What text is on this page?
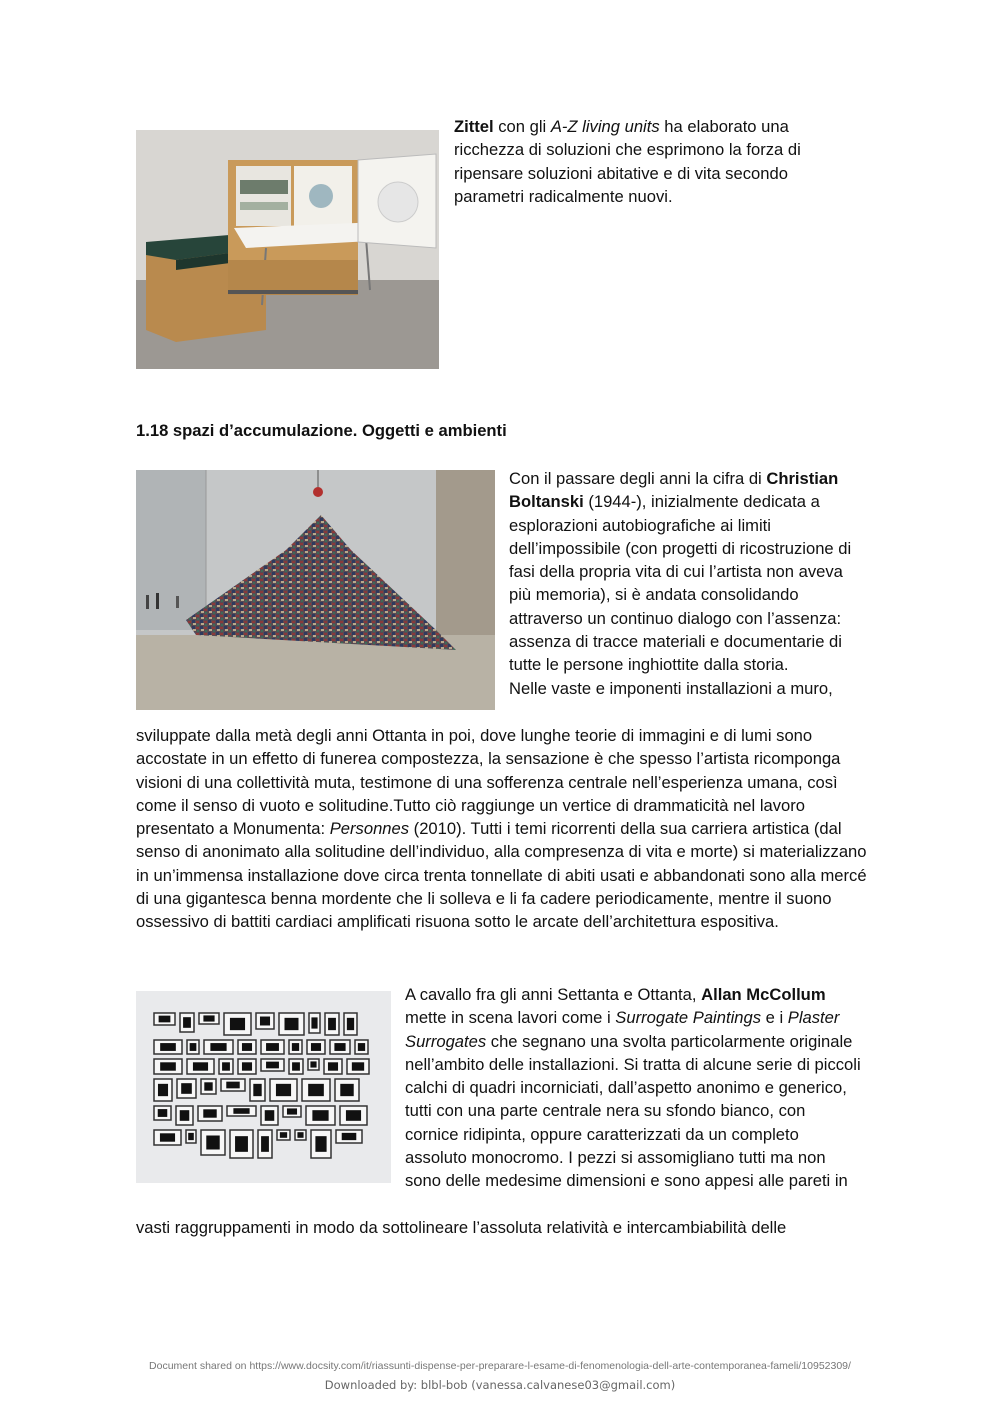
Zittel con gli A-Z living units ha elaborato una ricchezza di soluzioni che esprimono la forza di ripensare soluzioni abitative e di vita secondo parametri radicalmente nuovi.
1.18 spazi d’accumulazione. Oggetti e ambienti
Con il passare degli anni la cifra di Christian Boltanski (1944-), inizialmente dedicata a esplorazioni autobiografiche ai limiti dell’impossibile (con progetti di ricostruzione di fasi della propria vita di cui l’artista non aveva più memoria), si è andata consolidando attraverso un continuo dialogo con l’assenza: assenza di tracce materiali e documentarie di tutte le persone inghiottite dalla storia.

Nelle vaste e imponenti installazioni a muro,

sviluppate dalla metà degli anni Ottanta in poi, dove lunghe teorie di immagini e di lumi sono accostate in un effetto di funerea compostezza, la sensazione è che spesso l’artista ricomponga visioni di una collettività muta, testimone di una sofferenza centrale nell’esperienza umana, così come il senso di vuoto e solitudine.Tutto ciò raggiunge un vertice di drammaticità nel lavoro presentato a Monumenta: Personnes (2010). Tutti i temi ricorrenti della sua carriera artistica (dal senso di anonimato alla solitudine dell’individuo, alla compresenza di vita e morte) si materializzano in un’immensa installazione dove circa trenta tonnellate di abiti usati e abbandonati sono alla mercé di una gigantesca benna mordente che li solleva e li fa cadere periodicamente, mentre il suono ossessivo di battiti cardiaci amplificati risuona sotto le arcate dell’architettura espositiva.
A cavallo fra gli anni Settanta e Ottanta, Allan McCollum mette in scena lavori come i Surrogate Paintings e i Plaster Surrogates che segnano una svolta particolarmente originale nell’ambito delle installazioni. Si tratta di alcune serie di piccoli calchi di quadri incorniciati, dall’aspetto anonimo e generico, tutti con una parte centrale nera su sfondo bianco, con cornice ridipinta, oppure caratterizzati da un completo assoluto monocromo. I pezzi si assomigliano tutti ma non sono delle medesime dimensioni e sono appesi alle pareti in
vasti raggruppamenti in modo da sottolineare l’assoluta relatività e intercambiabilità delle
Document shared on https://www.docsity.com/it/riassunti-dispense-per-preparare-l-esame-di-fenomenologia-dell-arte-contemporanea-fameli/10952309/
Downloaded by: blbl-bob (vanessa.calvanese03@gmail.com)
